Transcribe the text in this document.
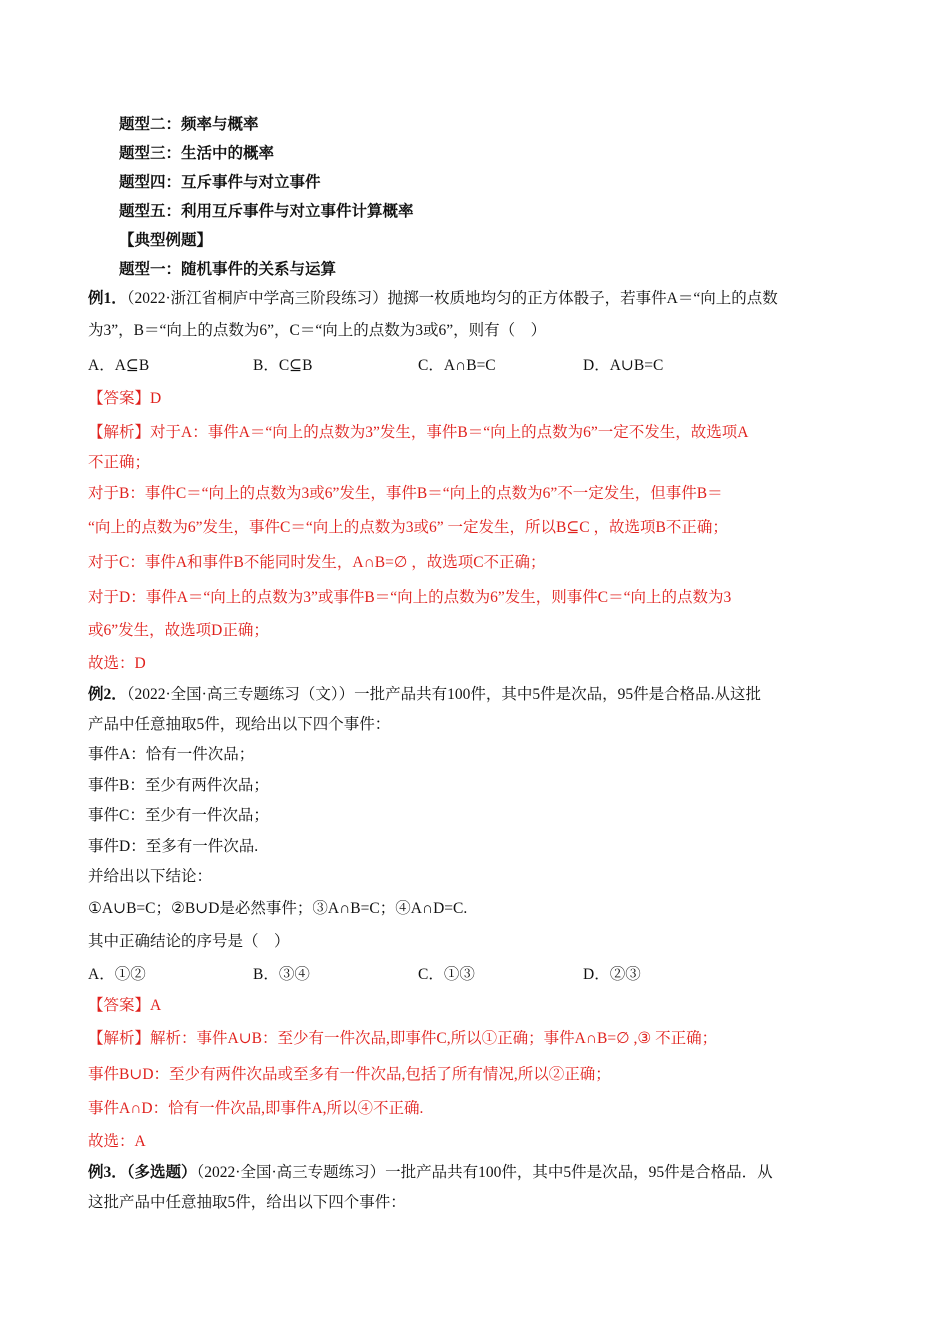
题型二：频率与概率
题型三：生活中的概率
题型四：互斥事件与对立事件
题型五：利用互斥事件与对立事件计算概率
【典型例题】
题型一：随机事件的关系与运算
例1．（2022·浙江省桐庐中学高三阶段练习）抛掷一枚质地均匀的正方体骰子，若事件A＝“向上的点数
为3”，B＝“向上的点数为6”，C＝“向上的点数为3或6”，则有（　）
A．A⊆B	B．C⊆B	C．A∩B=C	D．A∪B=C
【答案】D
【解析】对于A：事件A＝“向上的点数为3”发生，事件B＝“向上的点数为6”一定不发生，故选项A
不正确；
对于B：事件C＝“向上的点数为3或6”发生，事件B＝“向上的点数为6”不一定发生，但事件B＝
“向上的点数为6”发生，事件C＝“向上的点数为3或6” 一定发生，所以B⊆C ，故选项B不正确；
对于C：事件A和事件B不能同时发生，A∩B=∅ ，故选项C不正确；
对于D：事件A＝“向上的点数为3”或事件B＝“向上的点数为6”发生，则事件C＝“向上的点数为3
或6”发生，故选项D正确；
故选：D
例2．（2022·全国·高三专题练习（文））一批产品共有100件，其中5件是次品，95件是合格品.从这批
产品中任意抽取5件，现给出以下四个事件：
事件A：恰有一件次品；
事件B：至少有两件次品；
事件C：至少有一件次品；
事件D：至多有一件次品.
并给出以下结论：
①A∪B=C；②B∪D是必然事件；③A∩B=C；④A∩D=C.
其中正确结论的序号是（　）
A．①②	B．③④	C．①③	D．②③
【答案】A
【解析】解析：事件A∪B：至少有一件次品,即事件C,所以①正确；事件A∩B=∅ ,③ 不正确；
事件B∪D：至少有两件次品或至多有一件次品,包括了所有情况,所以②正确；
事件A∩D：恰有一件次品,即事件A,所以④不正确.
故选：A
例3．（多选题）（2022·全国·高三专题练习）一批产品共有100件，其中5件是次品，95件是合格品．从
这批产品中任意抽取5件，给出以下四个事件：
